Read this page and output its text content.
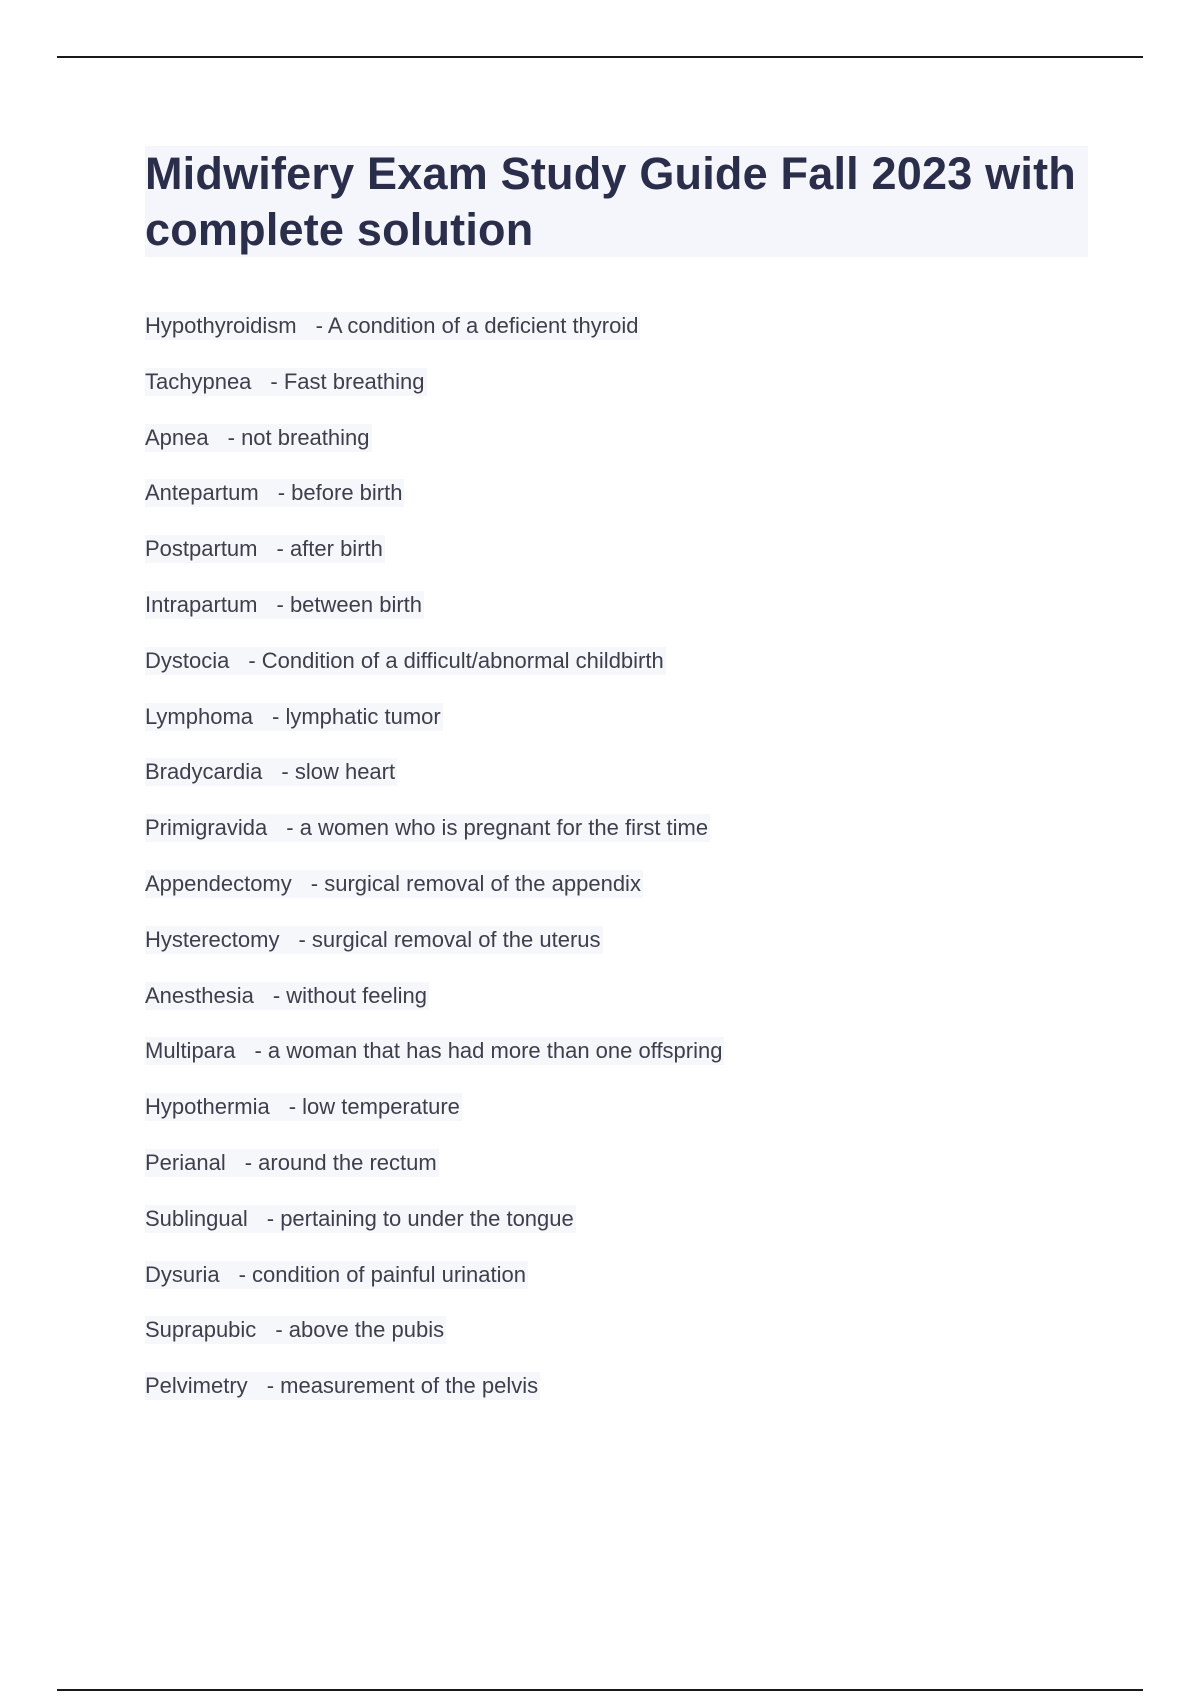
Midwifery Exam Study Guide Fall 2023 with complete solution
Hypothyroidism - A condition of a deficient thyroid
Tachypnea - Fast breathing
Apnea - not breathing
Antepartum - before birth
Postpartum - after birth
Intrapartum - between birth
Dystocia - Condition of a difficult/abnormal childbirth
Lymphoma - lymphatic tumor
Bradycardia - slow heart
Primigravida - a women who is pregnant for the first time
Appendectomy - surgical removal of the appendix
Hysterectomy - surgical removal of the uterus
Anesthesia - without feeling
Multipara - a woman that has had more than one offspring
Hypothermia - low temperature
Perianal - around the rectum
Sublingual - pertaining to under the tongue
Dysuria - condition of painful urination
Suprapubic - above the pubis
Pelvimetry - measurement of the pelvis
